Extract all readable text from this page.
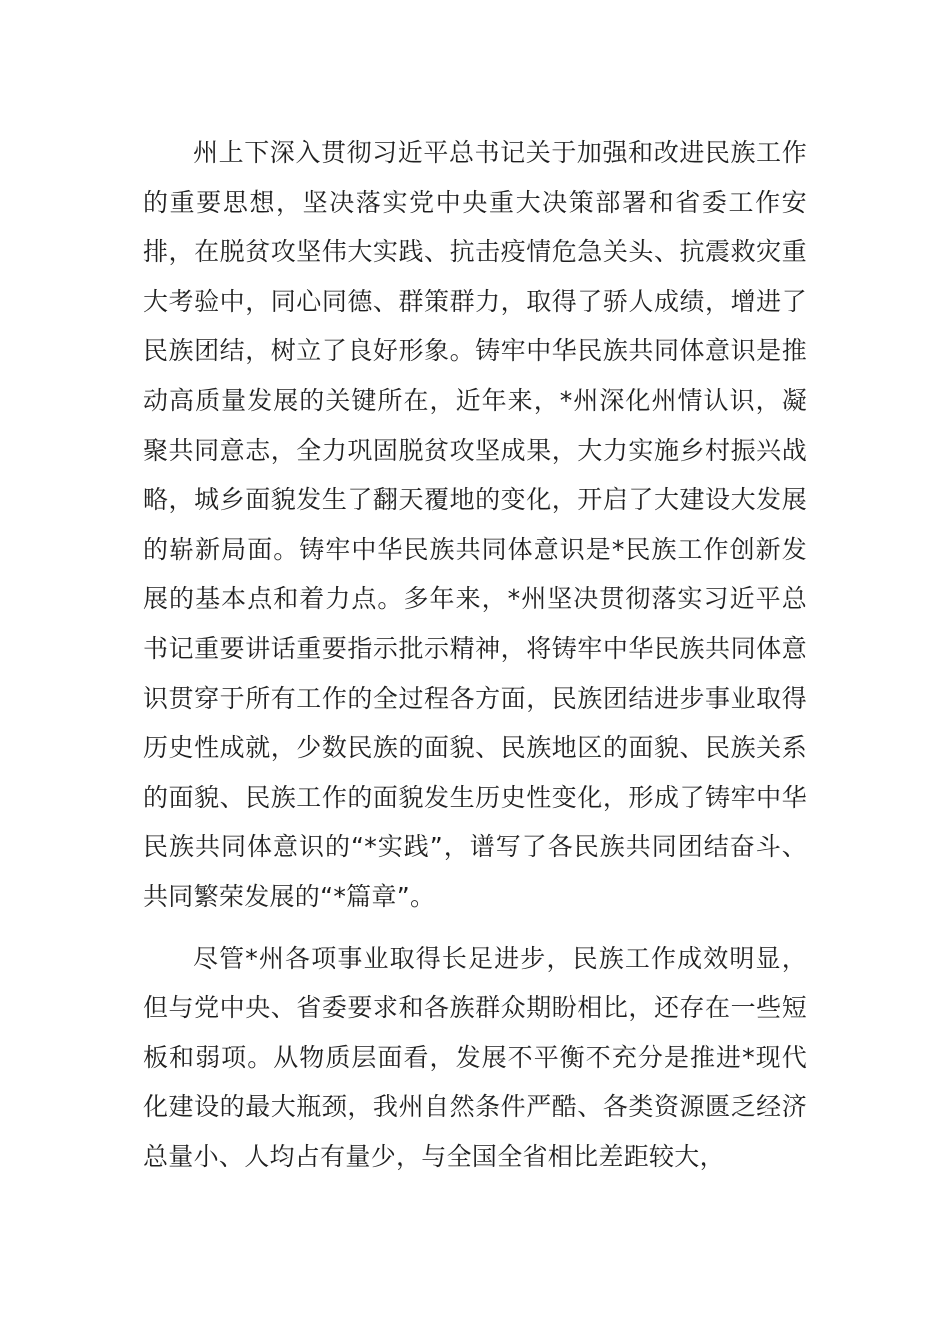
州上下深入贯彻习近平总书记关于加强和改进民族工作的重要思想，坚决落实党中央重大决策部署和省委工作安排，在脱贫攻坚伟大实践、抗击疫情危急关头、抗震救灾重大考验中，同心同德、群策群力，取得了骄人成绩，增进了民族团结，树立了良好形象。铸牢中华民族共同体意识是推动高质量发展的关键所在，近年来，*州深化州情认识，凝聚共同意志，全力巩固脱贫攻坚成果，大力实施乡村振兴战略，城乡面貌发生了翻天覆地的变化，开启了大建设大发展的崭新局面。铸牢中华民族共同体意识是*民族工作创新发展的基本点和着力点。多年来，*州坚决贯彻落实习近平总书记重要讲话重要指示批示精神，将铸牢中华民族共同体意识贯穿于所有工作的全过程各方面，民族团结进步事业取得历史性成就，少数民族的面貌、民族地区的面貌、民族关系的面貌、民族工作的面貌发生历史性变化，形成了铸牢中华民族共同体意识的“*实践”，谱写了各民族共同团结奋斗、共同繁荣发展的“*篇章”。

尽管*州各项事业取得长足进步，民族工作成效明显，但与党中央、省委要求和各族群众期盼相比，还存在一些短板和弱项。从物质层面看，发展不平衡不充分是推进*现代化建设的最大瓶颈，我州自然条件严酷、各类资源匮乏经济总量小、人均占有量少，与全国全省相比差距较大，
